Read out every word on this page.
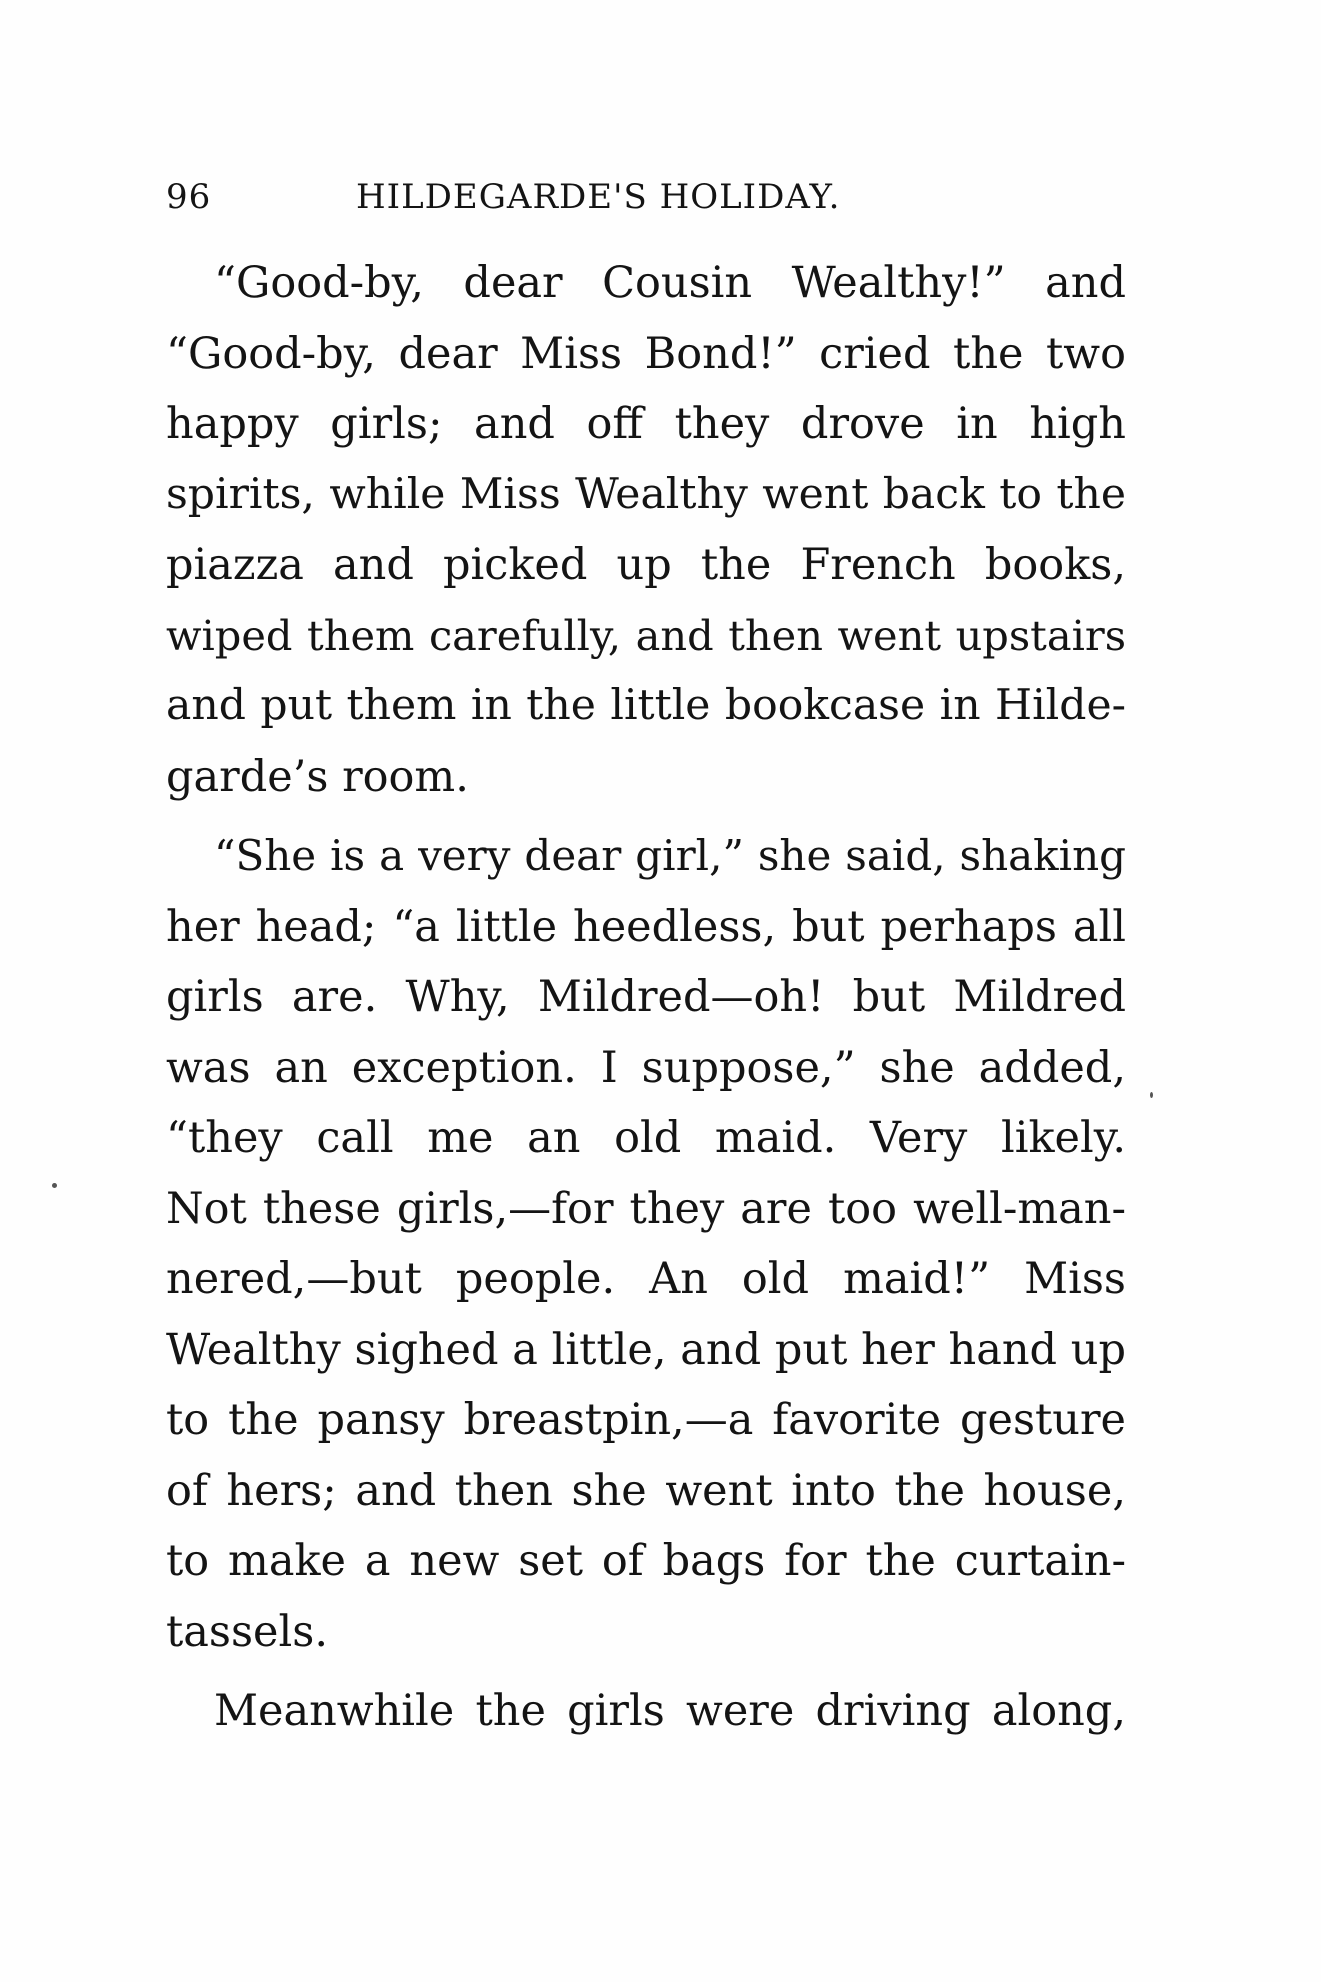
96	HILDEGARDE'S HOLIDAY.
“Good-by, dear Cousin Wealthy!” and
“Good-by, dear Miss Bond!” cried the two
happy girls; and off they drove in high
spirits, while Miss Wealthy went back to the
piazza and picked up the French books,
wiped them carefully, and then went upstairs
and put them in the little bookcase in Hilde-
garde’s room.
“She is a very dear girl,” she said, shaking
her head; “a little heedless, but perhaps all
girls are. Why, Mildred—oh! but Mildred
was an exception. I suppose,” she added,
“they call me an old maid. Very likely.
Not these girls,—for they are too well-man-
nered,—but people. An old maid!” Miss
Wealthy sighed a little, and put her hand up
to the pansy breastpin,—a favorite gesture
of hers; and then she went into the house,
to make a new set of bags for the curtain-
tassels.
Meanwhile the girls were driving along,
